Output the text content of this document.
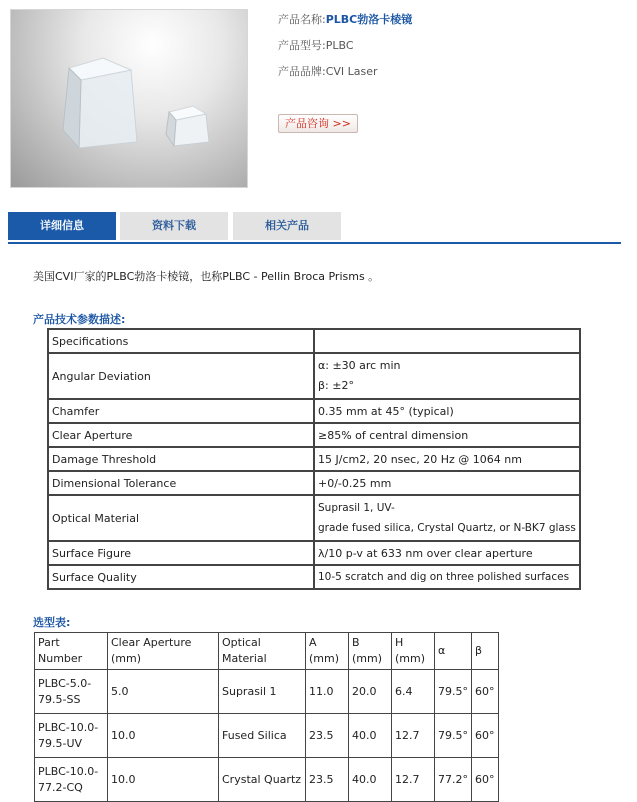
产品名称:PLBC勃洛卡棱镜
产品型号:PLBC
产品品牌:CVI Laser
产品咨询 >>
详细信息	资料下载	相关产品
美国CVI厂家的PLBC勃洛卡棱镜，也称PLBC - Pellin Broca Prisms 。
产品技术参数描述:
Specifications	
Angular Deviation	α: ±30 arc min
β: ±2°

Chamfer	0.35 mm at 45° (typical)
Clear Aperture	≥85% of central dimension
Damage Threshold	15 J/cm2, 20 nsec, 20 Hz @ 1064 nm
Dimensional Tolerance	+0/-0.25 mm
Optical Material	Suprasil 1, UV-
grade fused silica, Crystal Quartz, or N-BK7 glass

Surface Figure	λ/10 p-v at 633 nm over clear aperture
Surface Quality	10-5 scratch and dig on three polished surfaces
选型表:
Part Number	Clear Aperture (mm)	Optical Material	A (mm)	B (mm)	H (mm)	α	β

PLBC-5.0-
79.5-SS	5.0	Suprasil 1	11.0	20.0	6.4	79.5°	60°

PLBC-10.0-
79.5-UV	10.0	Fused Silica	23.5	40.0	12.7	79.5°	60°

PLBC-10.0-
77.2-CQ	10.0	Crystal Quartz	23.5	40.0	12.7	77.2°	60°
